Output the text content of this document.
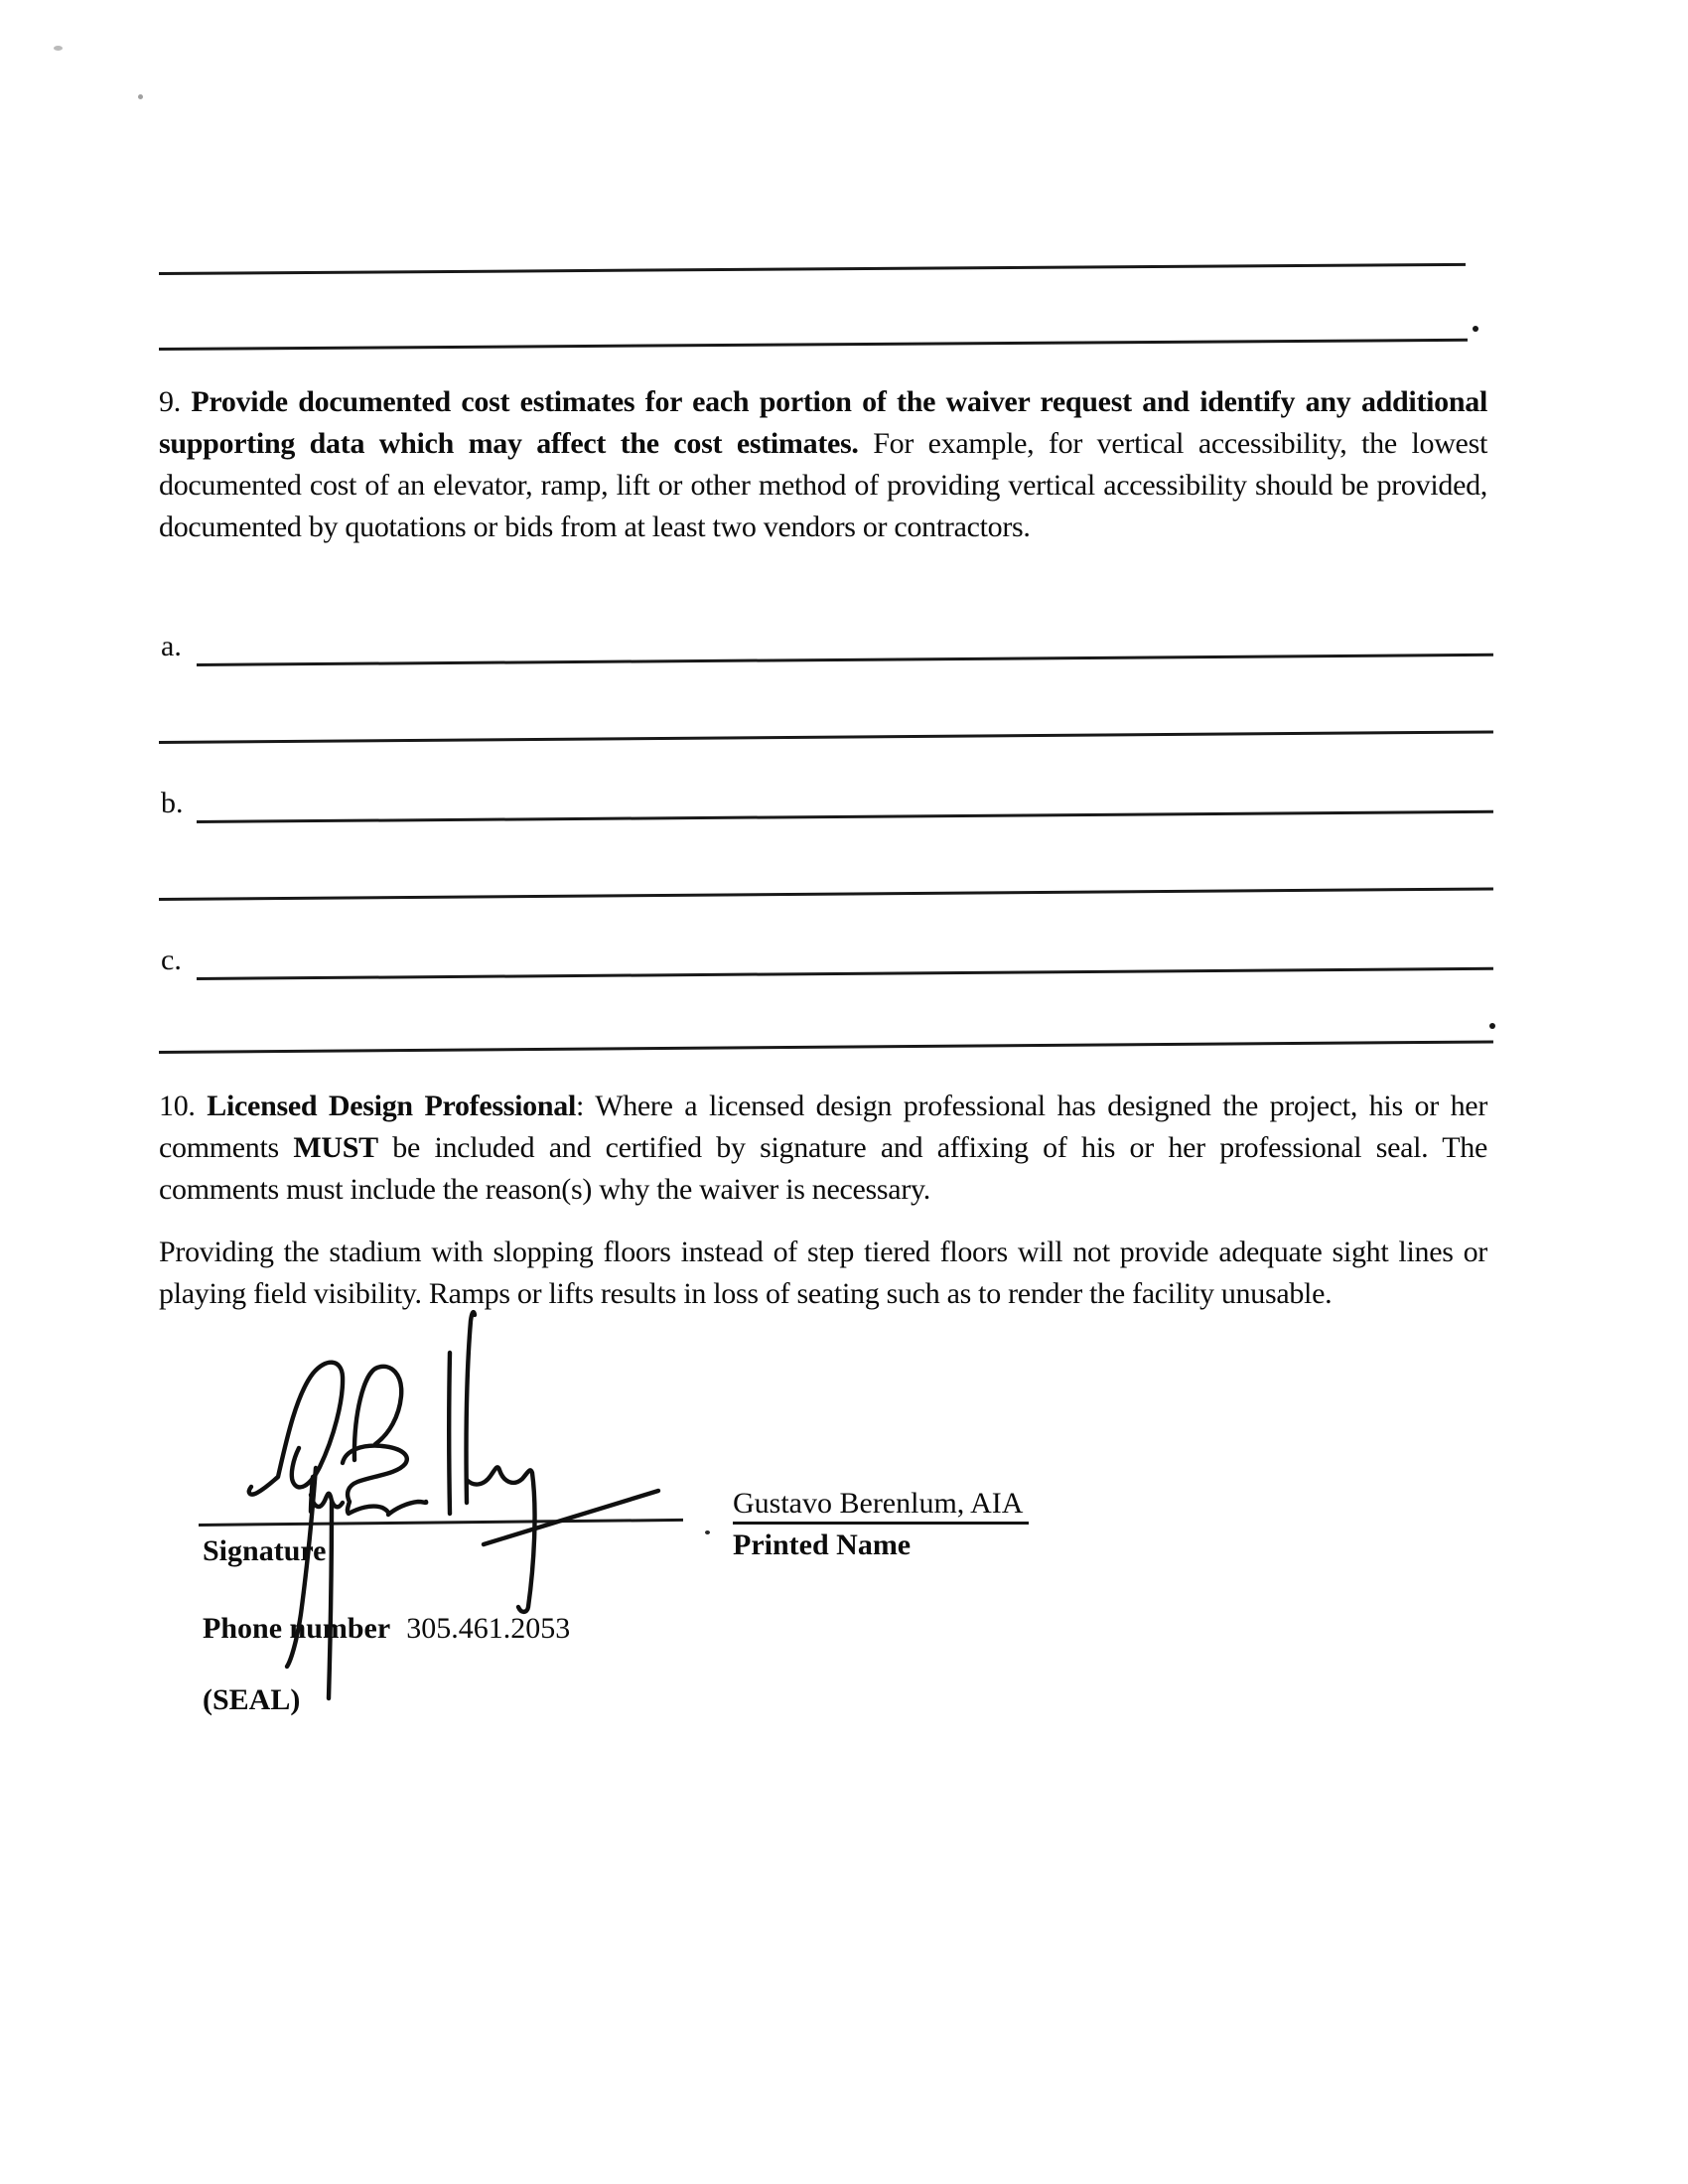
9. Provide documented cost estimates for each portion of the waiver request and identify any additional supporting data which may affect the cost estimates. For example, for vertical accessibility, the lowest documented cost of an elevator, ramp, lift or other method of providing vertical accessibility should be provided, documented by quotations or bids from at least two vendors or contractors.

a.
b.
c.

10. Licensed Design Professional: Where a licensed design professional has designed the project, his or her comments MUST be included and certified by signature and affixing of his or her professional seal. The comments must include the reason(s) why the waiver is necessary.

Providing the stadium with slopping floors instead of step tiered floors will not provide adequate sight lines or playing field visibility. Ramps or lifts results in loss of seating such as to render the facility unusable.

Signature
Gustavo Berenlum, AIA
Printed Name
Phone number 305.461.2053
(SEAL)
